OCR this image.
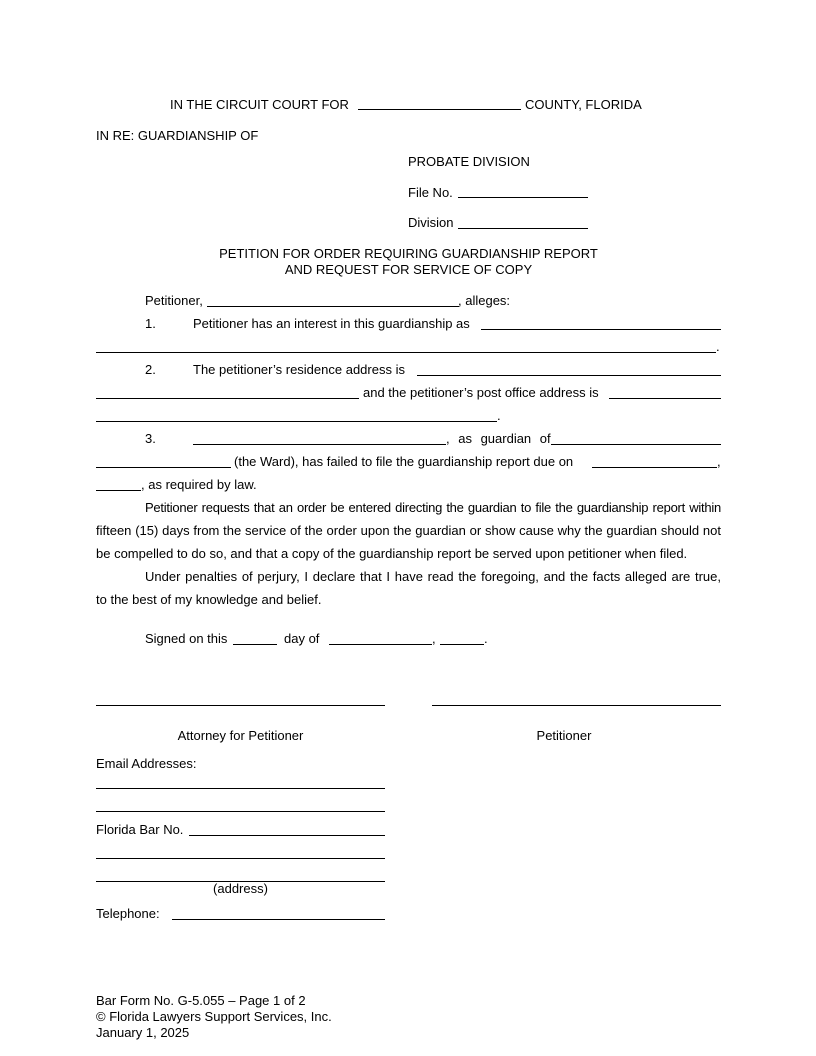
IN THE CIRCUIT COURT FOR	COUNTY, FLORIDA
IN RE: GUARDIANSHIP OF
PROBATE DIVISION
File No.
Division
PETITION FOR ORDER REQUIRING GUARDIANSHIP REPORT
AND REQUEST FOR SERVICE OF COPY
Petitioner,	, alleges:
1.	Petitioner has an interest in this guardianship as
.
2.	The petitioner’s residence address is
and the petitioner’s post office address is
.
3.	, as guardian of
(the Ward), has failed to file the guardianship report due on	,
, as required by law.
Petitioner requests that an order be entered directing the guardian to file the guardianship report within
fifteen (15) days from the service of the order upon the guardian or show cause why the guardian should not
be compelled to do so, and that a copy of the guardianship report be served upon petitioner when filed.
Under penalties of perjury, I declare that I have read the foregoing, and the facts alleged are true,
to the best of my knowledge and belief.
Signed on this	day of	,	.
Attorney for Petitioner	Petitioner
Email Addresses:
Florida Bar No.
(address)
Telephone:
Bar Form No. G-5.055 – Page 1 of 2
© Florida Lawyers Support Services, Inc.
January 1, 2025
